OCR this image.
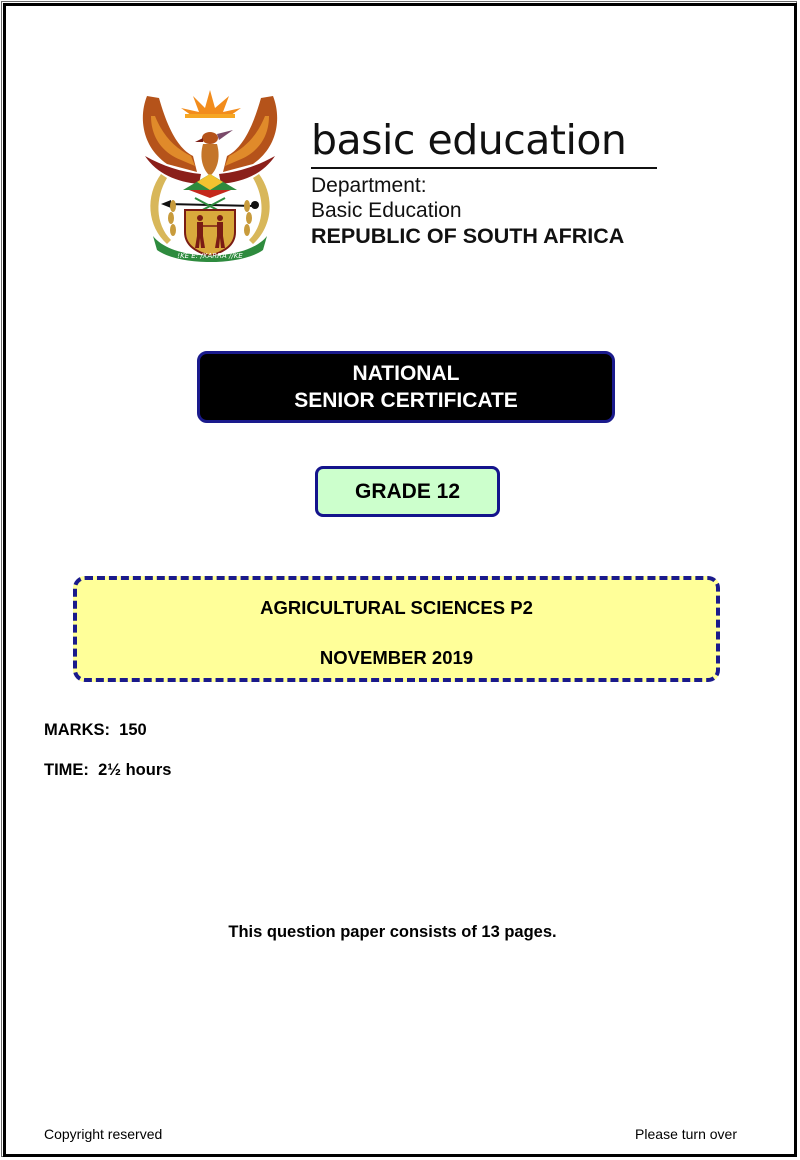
!KE E: /XARRA //KE
basic education
Department:
Basic Education
REPUBLIC OF SOUTH AFRICA
NATIONAL
SENIOR CERTIFICATE
GRADE 12
AGRICULTURAL SCIENCES P2
NOVEMBER 2019
MARKS:  150
TIME:  2½ hours
This question paper consists of 13 pages.
Copyright reserved	Please turn over
